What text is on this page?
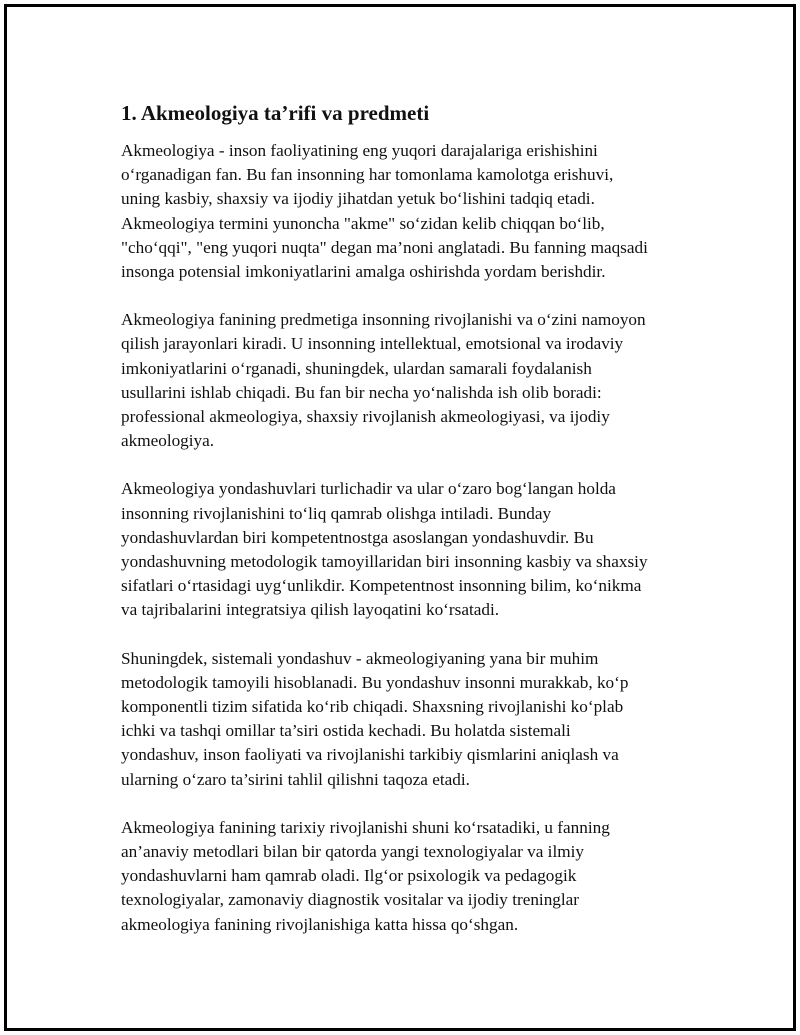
1. Akmeologiya ta’rifi va predmeti

Akmeologiya - inson faoliyatining eng yuqori darajalariga erishishini
o‘rganadigan fan. Bu fan insonning har tomonlama kamolotga erishuvi,
uning kasbiy, shaxsiy va ijodiy jihatdan yetuk bo‘lishini tadqiq etadi.
Akmeologiya termini yunoncha "akme" so‘zidan kelib chiqqan bo‘lib,
"cho‘qqi", "eng yuqori nuqta" degan ma’noni anglatadi. Bu fanning maqsadi
insonga potensial imkoniyatlarini amalga oshirishda yordam berishdir.

Akmeologiya fanining predmetiga insonning rivojlanishi va o‘zini namoyon
qilish jarayonlari kiradi. U insonning intellektual, emotsional va irodaviy
imkoniyatlarini o‘rganadi, shuningdek, ulardan samarali foydalanish
usullarini ishlab chiqadi. Bu fan bir necha yo‘nalishda ish olib boradi:
professional akmeologiya, shaxsiy rivojlanish akmeologiyasi, va ijodiy
akmeologiya.

Akmeologiya yondashuvlari turlichadir va ular o‘zaro bog‘langan holda
insonning rivojlanishini to‘liq qamrab olishga intiladi. Bunday
yondashuvlardan biri kompetentnostga asoslangan yondashuvdir. Bu
yondashuvning metodologik tamoyillaridan biri insonning kasbiy va shaxsiy
sifatlari o‘rtasidagi uyg‘unlikdir. Kompetentnost insonning bilim, ko‘nikma
va tajribalarini integratsiya qilish layoqatini ko‘rsatadi.

Shuningdek, sistemali yondashuv - akmeologiyaning yana bir muhim
metodologik tamoyili hisoblanadi. Bu yondashuv insonni murakkab, ko‘p
komponentli tizim sifatida ko‘rib chiqadi. Shaxsning rivojlanishi ko‘plab
ichki va tashqi omillar ta’siri ostida kechadi. Bu holatda sistemali
yondashuv, inson faoliyati va rivojlanishi tarkibiy qismlarini aniqlash va
ularning o‘zaro ta’sirini tahlil qilishni taqoza etadi.

Akmeologiya fanining tarixiy rivojlanishi shuni ko‘rsatadiki, u fanning
an’anaviy metodlari bilan bir qatorda yangi texnologiyalar va ilmiy
yondashuvlarni ham qamrab oladi. Ilg‘or psixologik va pedagogik
texnologiyalar, zamonaviy diagnostik vositalar va ijodiy treninglar
akmeologiya fanining rivojlanishiga katta hissa qo‘shgan.
